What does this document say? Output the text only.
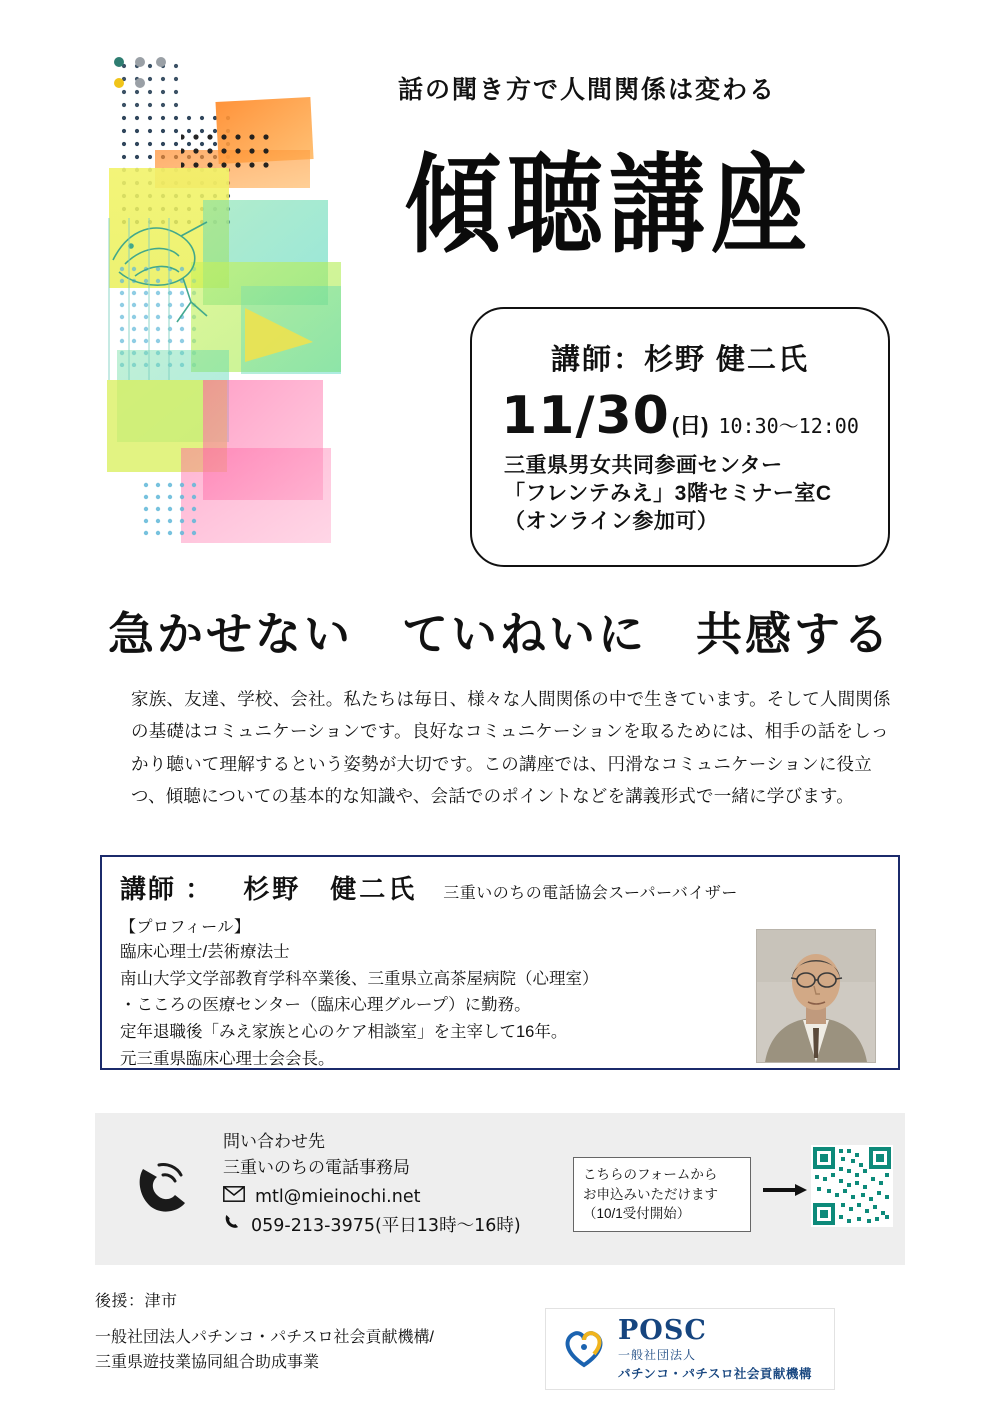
話の聞き方で人間関係は変わる
傾聴講座
講師：杉野 健二氏
11/30 (日) 10:30〜12:00
三重県男女共同参画センター
「フレンテみえ」3階セミナー室C
（オンライン参加可）
急かせない　ていねいに　共感する
家族、友達、学校、会社。私たちは毎日、様々な人間関係の中で生きています。そして人間関係の基礎はコミュニケーションです。良好なコミュニケーションを取るためには、相手の話をしっかり聴いて理解するという姿勢が大切です。この講座では、円滑なコミュニケーションに役立つ、傾聴についての基本的な知識や、会話でのポイントなどを講義形式で一緒に学びます。
講師 ： 杉野　健二氏 三重いのちの電話協会スーパーバイザー
【プロフィール】
臨床心理士/芸術療法士
南山大学文学部教育学科卒業後、三重県立高茶屋病院（心理室）
・こころの医療センター（臨床心理グループ）に勤務。
定年退職後「みえ家族と心のケア相談室」を主宰して16年。
元三重県臨床心理士会会長。
問い合わせ先
三重いのちの電話事務局
mtl@mieinochi.net
059-213-3975(平日13時〜16時)
こちらのフォームから
お申込みいただけます
（10/1受付開始）
後援：津市
一般社団法人パチンコ・パチスロ社会貢献機構/
三重県遊技業協同組合助成事業
POSC
一般社団法人
パチンコ・パチスロ社会貢献機構
